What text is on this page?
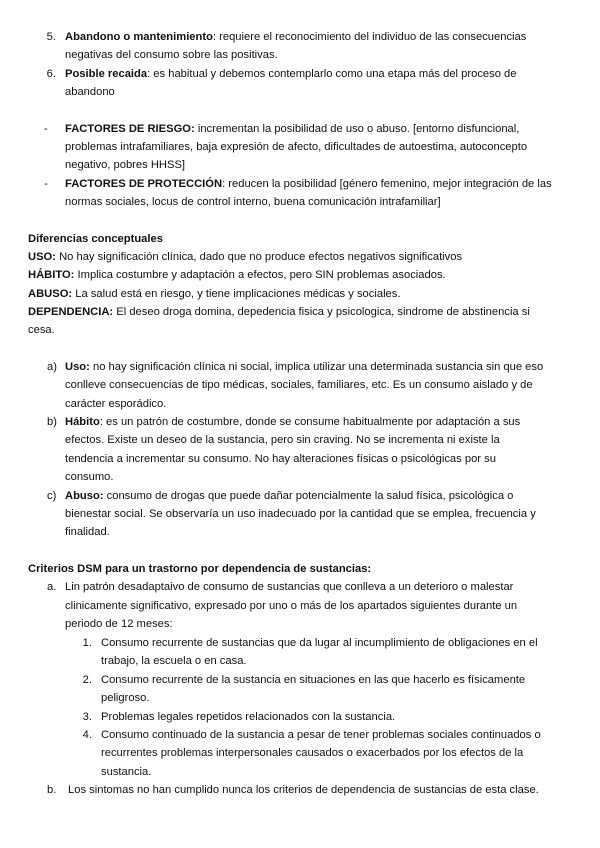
5. Abandono o mantenimiento: requiere el reconocimiento del individuo de las consecuencias
negativas del consumo sobre las positivas.
6. Posible recaida: es habitual y debemos contemplarlo como una etapa más del proceso de
abandono
- FACTORES DE RIESGO: incrementan la posibilidad de uso o abuso. [entorno disfuncional,
problemas intrafamiliares, baja expresión de afecto, dificultades de autoestima, autoconcepto
negativo, pobres HHSS]
- FACTORES DE PROTECCIÓN: reducen la posibilidad [género femenino, mejor integración de las
normas sociales, locus de control interno, buena comunicación intrafamiliar]
Diferencias conceptuales
USO: No hay significación clínica, dado que no produce efectos negativos significativos
HÁBITO: Implica costumbre y adaptación a efectos, pero SIN problemas asociados.
ABUSO: La salud está en riesgo, y tiene implicaciones médicas y sociales.
DEPENDENCIA: El deseo droga domina, depedencia fisica y psicologica, sindrome de abstinencia si
cesa.
a) Uso: no hay significación clínica ni social, implica utilizar una determinada sustancia sin que eso
conlleve consecuencias de tipo médicas, sociales, familiares, etc. Es un consumo aislado y de
carácter esporádico.
b) Hábito: es un patrón de costumbre, donde se consume habitualmente por adaptación a sus
efectos. Existe un deseo de la sustancia, pero sin craving. No se incrementa ni existe la
tendencia a incrementar su consumo. No hay alteraciones físicas o psicológicas por su
consumo.
c) Abuso: consumo de drogas que puede dañar potencialmente la salud física, psicológica o
bienestar social. Se observaría un uso inadecuado por la cantidad que se emplea, frecuencia y
finalidad.
Criterios DSM para un trastorno por dependencia de sustancias:
a. Lin patrón desadaptaivo de consumo de sustancias que conlleva a un deterioro o malestar
clinicamente significativo, expresado por uno o más de los apartados siguientes durante un
periodo de 12 meses:
1. Consumo recurrente de sustancias que da lugar al incumplimiento de obligaciones en el
trabajo, la escuela o en casa.
2. Consumo recurrente de la sustancia en situaciones en las que hacerlo es físicamente
peligroso.
3. Problemas legales repetidos relacionados con la sustancia.
4. Consumo continuado de la sustancia a pesar de tener problemas sociales continuados o
recurrentes problemas interpersonales causados o exacerbados por los efectos de la
sustancia.
b. Los sintomas no han cumplido nunca los criterios de dependencia de sustancias de esta clase.
